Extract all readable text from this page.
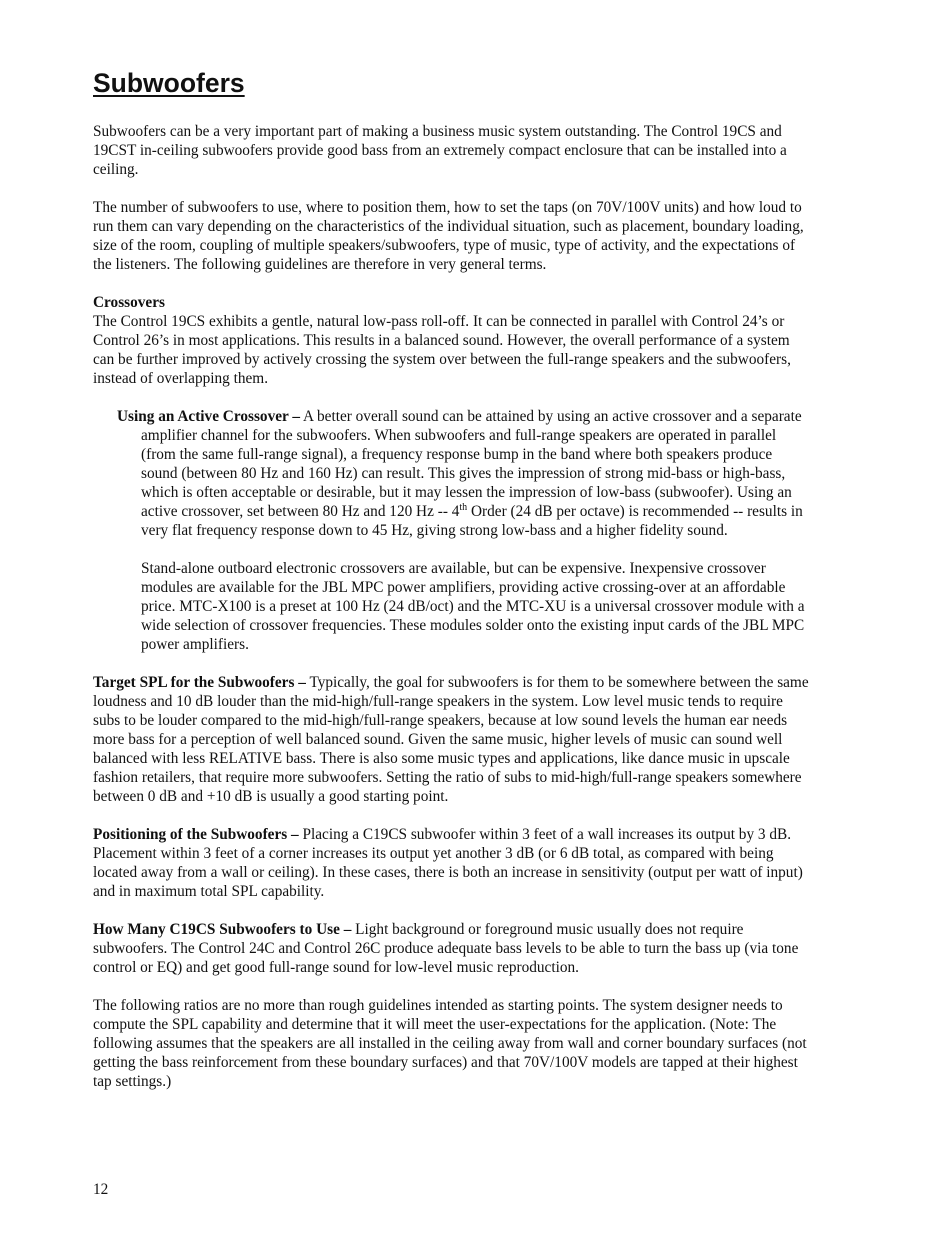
Subwoofers

Subwoofers can be a very important part of making a business music system outstanding. The Control 19CS and 19CST in-ceiling subwoofers provide good bass from an extremely compact enclosure that can be installed into a ceiling.

The number of subwoofers to use, where to position them, how to set the taps (on 70V/100V units) and how loud to run them can vary depending on the characteristics of the individual situation, such as placement, boundary loading, size of the room, coupling of multiple speakers/subwoofers, type of music, type of activity, and the expectations of the listeners. The following guidelines are therefore in very general terms.

Crossovers

The Control 19CS exhibits a gentle, natural low-pass roll-off. It can be connected in parallel with Control 24’s or Control 26’s in most applications. This results in a balanced sound. However, the overall performance of a system can be further improved by actively crossing the system over between the full-range speakers and the subwoofers, instead of overlapping them.

Using an Active Crossover – A better overall sound can be attained by using an active crossover and a separate amplifier channel for the subwoofers. When subwoofers and full-range speakers are operated in parallel (from the same full-range signal), a frequency response bump in the band where both speakers produce sound (between 80 Hz and 160 Hz) can result. This gives the impression of strong mid-bass or high-bass, which is often acceptable or desirable, but it may lessen the impression of low-bass (subwoofer). Using an active crossover, set between 80 Hz and 120 Hz -- 4th Order (24 dB per octave) is recommended -- results in very flat frequency response down to 45 Hz, giving strong low-bass and a higher fidelity sound.

Stand-alone outboard electronic crossovers are available, but can be expensive. Inexpensive crossover modules are available for the JBL MPC power amplifiers, providing active crossing-over at an affordable price. MTC-X100 is a preset at 100 Hz (24 dB/oct) and the MTC-XU is a universal crossover module with a wide selection of crossover frequencies. These modules solder onto the existing input cards of the JBL MPC power amplifiers.

Target SPL for the Subwoofers – Typically, the goal for subwoofers is for them to be somewhere between the same loudness and 10 dB louder than the mid-high/full-range speakers in the system. Low level music tends to require subs to be louder compared to the mid-high/full-range speakers, because at low sound levels the human ear needs more bass for a perception of well balanced sound. Given the same music, higher levels of music can sound well balanced with less RELATIVE bass. There is also some music types and applications, like dance music in upscale fashion retailers, that require more subwoofers. Setting the ratio of subs to mid-high/full-range speakers somewhere between 0 dB and +10 dB is usually a good starting point.

Positioning of the Subwoofers – Placing a C19CS subwoofer within 3 feet of a wall increases its output by 3 dB. Placement within 3 feet of a corner increases its output yet another 3 dB (or 6 dB total, as compared with being located away from a wall or ceiling). In these cases, there is both an increase in sensitivity (output per watt of input) and in maximum total SPL capability.

How Many C19CS Subwoofers to Use – Light background or foreground music usually does not require subwoofers. The Control 24C and Control 26C produce adequate bass levels to be able to turn the bass up (via tone control or EQ) and get good full-range sound for low-level music reproduction.

The following ratios are no more than rough guidelines intended as starting points. The system designer needs to compute the SPL capability and determine that it will meet the user-expectations for the application. (Note: The following assumes that the speakers are all installed in the ceiling away from wall and corner boundary surfaces (not getting the bass reinforcement from these boundary surfaces) and that 70V/100V models are tapped at their highest tap settings.)

12
